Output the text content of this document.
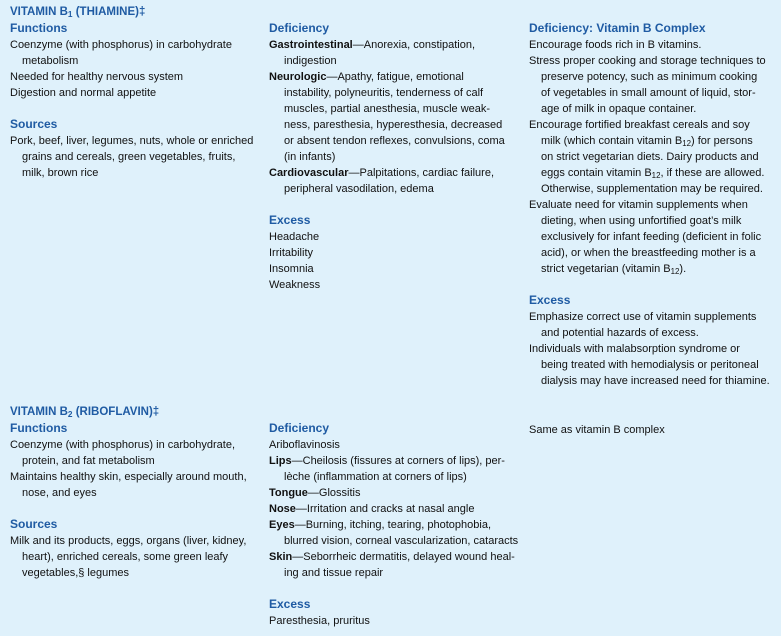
VITAMIN $B_1$ (THIAMINE)‡
Functions
Coenzyme (with phosphorus) in carbohydrate
metabolism
Needed for healthy nervous system
Digestion and normal appetite
Sources
Pork, beef, liver, legumes, nuts, whole or enriched
grains and cereals, green vegetables, fruits,
milk, brown rice
Deficiency
Gastrointestinal—Anorexia, constipation,
indigestion
Neurologic—Apathy, fatigue, emotional
instability, polyneuritis, tenderness of calf
muscles, partial anesthesia, muscle weak-
ness, paresthesia, hyperesthesia, decreased
or absent tendon reflexes, convulsions, coma
(in infants)
Cardiovascular—Palpitations, cardiac failure,
peripheral vasodilation, edema
Excess
Headache
Irritability
Insomnia
Weakness
Deficiency: Vitamin B Complex
Encourage foods rich in B vitamins.
Stress proper cooking and storage techniques to
preserve potency, such as minimum cooking
of vegetables in small amount of liquid, stor-
age of milk in opaque container.
Encourage fortified breakfast cereals and soy
milk (which contain vitamin $B_{12}$) for persons
on strict vegetarian diets. Dairy products and
eggs contain vitamin $B_{12}$, if these are allowed.
Otherwise, supplementation may be required.
Evaluate need for vitamin supplements when
dieting, when using unfortified goat’s milk
exclusively for infant feeding (deficient in folic
acid), or when the breastfeeding mother is a
strict vegetarian (vitamin $B_{12}$).
Excess
Emphasize correct use of vitamin supplements
and potential hazards of excess.
Individuals with malabsorption syndrome or
being treated with hemodialysis or peritoneal
dialysis may have increased need for thiamine.
VITAMIN $B_2$ (RIBOFLAVIN)‡
Functions
Coenzyme (with phosphorus) in carbohydrate,
protein, and fat metabolism
Maintains healthy skin, especially around mouth,
nose, and eyes
Sources
Milk and its products, eggs, organs (liver, kidney,
heart), enriched cereals, some green leafy
vegetables,§ legumes
Deficiency
Ariboflavinosis
Lips—Cheilosis (fissures at corners of lips), per-
lèche (inflammation at corners of lips)
Tongue—Glossitis
Nose—Irritation and cracks at nasal angle
Eyes—Burning, itching, tearing, photophobia,
blurred vision, corneal vascularization, cataracts
Skin—Seborrheic dermatitis, delayed wound heal-
ing and tissue repair
Excess
Paresthesia, pruritus
Same as vitamin B complex
